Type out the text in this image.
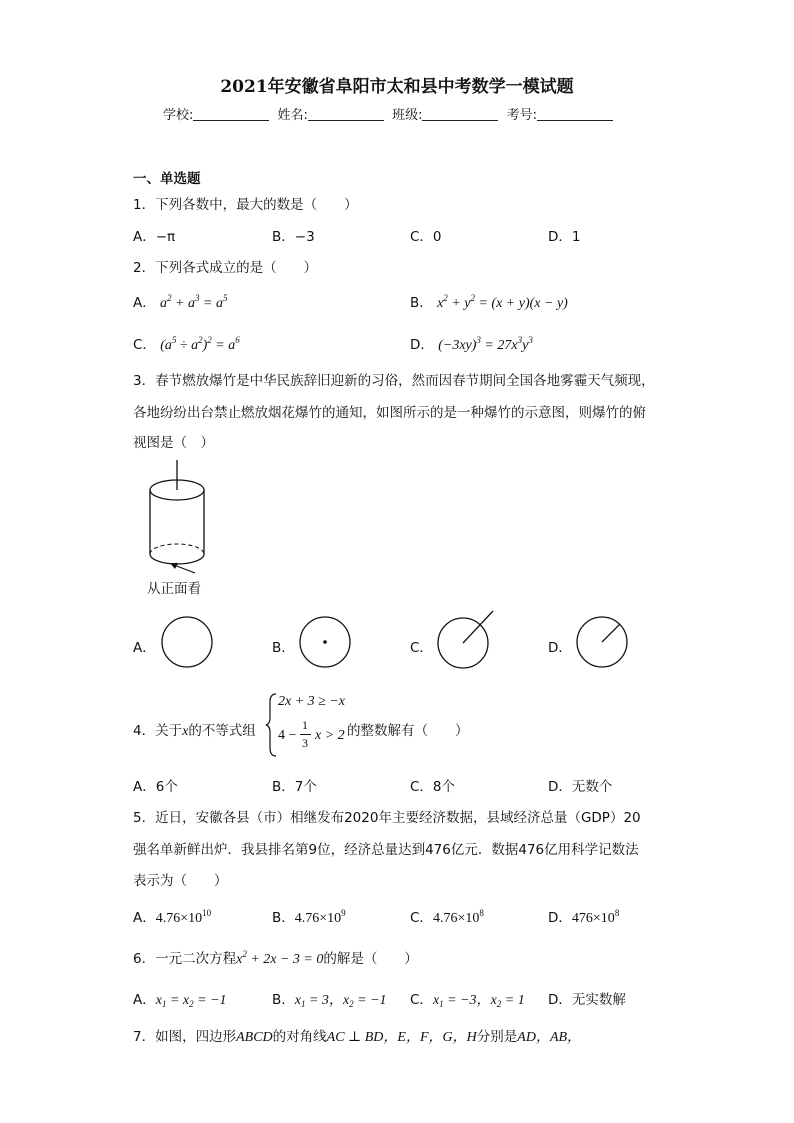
2021年安徽省阜阳市太和县中考数学一模试题
学校:	姓名:	班级:	考号:
一、单选题
1．下列各数中，最大的数是（　　）
A．−π	B．−3	C．0	D．1
2．下列各式成立的是（　　）
A． $a^2 + a^3 = a^5$	B． $x^2 + y^2 = (x + y)(x - y)$
C． $(a^5 \div a^2)^2 = a^6$	D． $(-3xy)^3 = 27x^3y^3$
3．春节燃放爆竹是中华民族辞旧迎新的习俗，然而因春节期间全国各地雾霾天气频现，
各地纷纷出台禁止燃放烟花爆竹的通知，如图所示的是一种爆竹的示意图，则爆竹的俯
视图是（　）
从正面看
A．	B．	C．	D．
4．关于x的不等式组
2x + 3 ≥ −x
4 −
1
3 x > 2 的整数解有（　　）
A．6个	B．7个	C．8个	D．无数个
5．近日，安徽各县（市）相继发布2020年主要经济数据，县域经济总量（GDP）20
强名单新鲜出炉．我县排名第9位，经济总量达到476亿元．数据476亿用科学记数法
表示为（　　）
A．$4.76\times 10^{10}$	B．$4.76\times 10^9$	C．$4.76\times 10^8$	D．$476\times 10^8$
6．一元二次方程$x^2 + 2x - 3 = 0$的解是（　　）
A．$x_1 = x_2 = -1$	B．$x_1 = 3$，$x_2 = -1$ C．$x_1 = -3$，$x_2 = 1$ D．无实数解
7．如图，四边形ABCD的对角线AC ⊥ BD，E，F，G，H分别是AD，AB，
